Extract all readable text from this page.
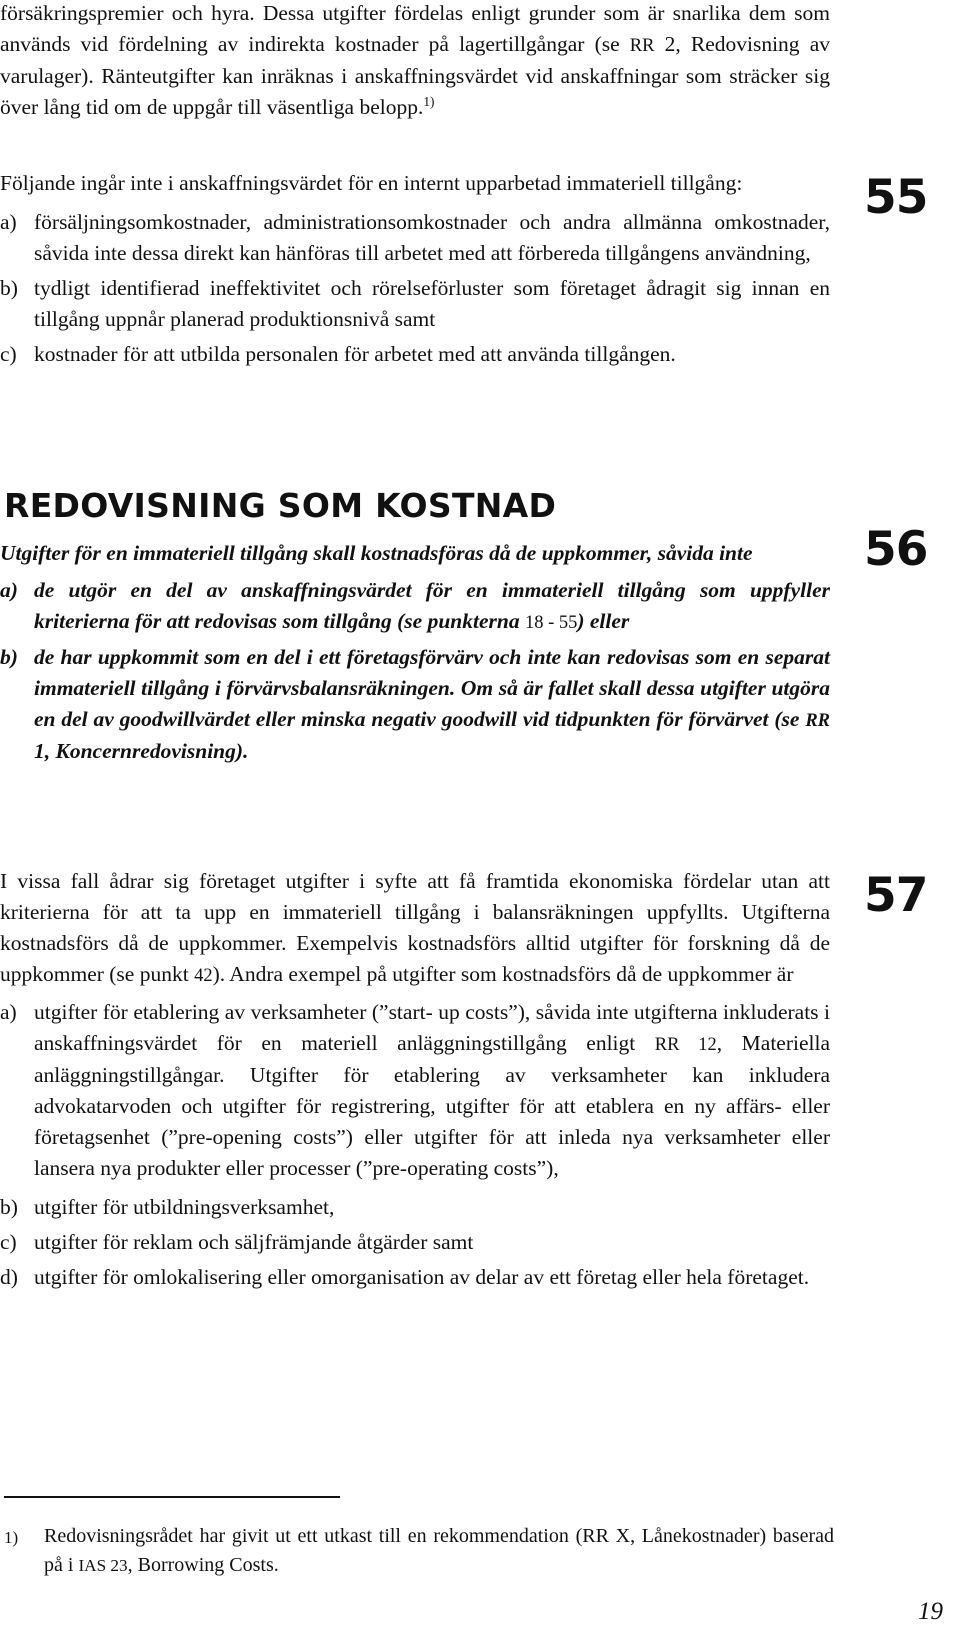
försäkringspremier och hyra. Dessa utgifter fördelas enligt grunder som är snarlika dem som används vid fördelning av indirekta kostnader på lagertillgångar (se RR 2, Redovisning av varulager). Ränteutgifter kan inräknas i anskaffningsvärdet vid anskaffningar som sträcker sig över lång tid om de uppgår till väsentliga belopp.$^{1)}$

55

Följande ingår inte i anskaffningsvärdet för en internt upparbetad immateriell tillgång:

a) försäljningsomkostnader, administrationsomkostnader och andra allmänna omkostnader, såvida inte dessa direkt kan hänföras till arbetet med att förbereda tillgångens användning,
b) tydligt identifierad ineffektivitet och rörelseförluster som företaget ådragit sig innan en tillgång uppnår planerad produktionsnivå samt
c) kostnader för att utbilda personalen för arbetet med att använda tillgången.
REDOVISNING SOM KOSTNAD

56

Utgifter för en immateriell tillgång skall kostnadsföras då de uppkommer, såvida inte

a) de utgör en del av anskaffningsvärdet för en immateriell tillgång som uppfyller kriterierna för att redovisas som tillgång (se punkterna 18 - 55) eller
b) de har uppkommit som en del i ett företagsförvärv och inte kan redovisas som en separat immateriell tillgång i förvärvsbalansräkningen. Om så är fallet skall dessa utgifter utgöra en del av goodwillvärdet eller minska negativ goodwill vid tidpunkten för förvärvet (se RR 1, Koncernredovisning).

57

I vissa fall ådrar sig företaget utgifter i syfte att få framtida ekonomiska fördelar utan att kriterierna för att ta upp en immateriell tillgång i balansräkningen uppfyllts. Utgifterna kostnadsförs då de uppkommer. Exempelvis kostnadsförs alltid utgifter för forskning då de uppkommer (se punkt 42). Andra exempel på utgifter som kostnadsförs då de uppkommer är

a) utgifter för etablering av verksamheter (”start- up costs”), såvida inte utgifterna inkluderats i anskaffningsvärdet för en materiell anläggningstillgång enligt RR 12, Materiella anläggningstillgångar. Utgifter för etablering av verksamheter kan inkludera advokatarvoden och utgifter för registrering, utgifter för att etablera en ny affärs- eller företagsenhet (”pre-opening costs”) eller utgifter för att inleda nya verksamheter eller lansera nya produkter eller processer (”pre-operating costs”),
b) utgifter för utbildningsverksamhet,
c) utgifter för reklam och säljfrämjande åtgärder samt
d) utgifter för omlokalisering eller omorganisation av delar av ett företag eller hela företaget.
1)	Redovisningsrådet har givit ut ett utkast till en rekommendation (RR X, Lånekostnader) baserad på i IAS 23, Borrowing Costs.

19
